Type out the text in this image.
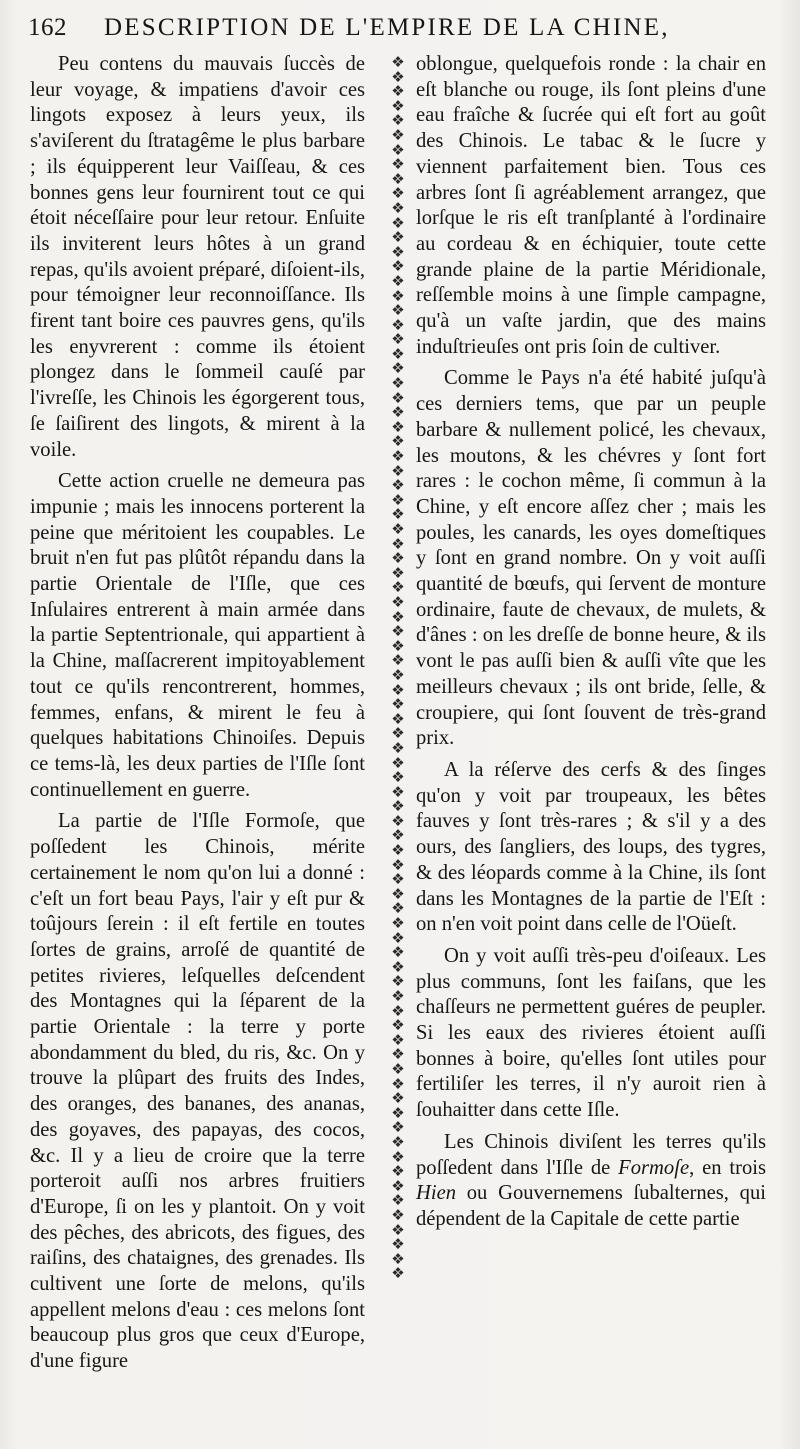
162 DESCRIPTION DE L'EMPIRE DE LA CHINE,

Peu contens du mauvais ſuccès de leur voyage, & impatiens d'avoir ces lingots exposez à leurs yeux, ils s'aviſerent du ſtratagême le plus barbare ; ils équipperent leur Vaiſſeau, & ces bonnes gens leur fournirent tout ce qui étoit néceſſaire pour leur retour. Enſuite ils inviterent leurs hôtes à un grand repas, qu'ils avoient préparé, diſoient-ils, pour témoigner leur reconnoiſſance. Ils firent tant boire ces pauvres gens, qu'ils les enyvrerent : comme ils étoient plongez dans le ſommeil cauſé par l'ivreſſe, les Chinois les égorgerent tous, ſe ſaiſirent des lingots, & mirent à la voile.

Cette action cruelle ne demeura pas impunie ; mais les innocens porterent la peine que méritoient les coupables. Le bruit n'en fut pas plûtôt répandu dans la partie Orientale de l'Iſle, que ces Inſulaires entrerent à main armée dans la partie Septentrionale, qui appartient à la Chine, maſſacrerent impitoyablement tout ce qu'ils rencontrerent, hommes, femmes, enfans, & mirent le feu à quelques habitations Chinoiſes. Depuis ce tems-là, les deux parties de l'Iſle ſont continuellement en guerre.

La partie de l'Iſle Formoſe, que poſſedent les Chinois, mérite certainement le nom qu'on lui a donné : c'eſt un fort beau Pays, l'air y eſt pur & toûjours ſerein : il eſt fertile en toutes ſortes de grains, arroſé de quantité de petites rivieres, leſquelles deſcendent des Montagnes qui la ſéparent de la partie Orientale : la terre y porte abondamment du bled, du ris, &c. On y trouve la plûpart des fruits des Indes, des oranges, des bananes, des ananas, des goyaves, des papayas, des cocos, &c. Il y a lieu de croire que la terre porteroit auſſi nos arbres fruitiers d'Europe, ſi on les y plantoit. On y voit des pêches, des abricots, des figues, des raiſins, des chataignes, des grenades. Ils cultivent une ſorte de melons, qu'ils appellent melons d'eau : ces melons ſont beaucoup plus gros que ceux d'Europe, d'une figure

❖
❖
❖
❖
❖
❖
❖
❖
❖
❖
❖
❖
❖
❖
❖
❖
❖
❖
❖
❖
❖
❖
❖
❖
❖
❖
❖
❖
❖
❖
❖
❖
❖
❖
❖
❖
❖
❖
❖
❖
❖
❖
❖
❖
❖
❖
❖
❖
❖
❖
❖
❖
❖
❖
❖
❖
❖
❖
❖
❖
❖
❖
❖
❖
❖
❖
❖
❖
❖
❖
❖
❖
❖
❖
❖
❖
❖
❖
❖
❖
❖
❖
❖
❖

oblongue, quelquefois ronde : la chair en eſt blanche ou rouge, ils ſont pleins d'une eau fraîche & ſucrée qui eſt fort au goût des Chinois. Le tabac & le ſucre y viennent parfaitement bien. Tous ces arbres ſont ſi agréablement arrangez, que lorſque le ris eſt tranſplanté à l'ordinaire au cordeau & en échiquier, toute cette grande plaine de la partie Méridionale, reſſemble moins à une ſimple campagne, qu'à un vaſte jardin, que des mains induſtrieuſes ont pris ſoin de cultiver.

Comme le Pays n'a été habité juſqu'à ces derniers tems, que par un peuple barbare & nullement policé, les chevaux, les moutons, & les chévres y ſont fort rares : le cochon même, ſi commun à la Chine, y eſt encore aſſez cher ; mais les poules, les canards, les oyes domeſtiques y ſont en grand nombre. On y voit auſſi quantité de bœufs, qui ſervent de monture ordinaire, faute de chevaux, de mulets, & d'ânes : on les dreſſe de bonne heure, & ils vont le pas auſſi bien & auſſi vîte que les meilleurs chevaux ; ils ont bride, ſelle, & croupiere, qui ſont ſouvent de très-grand prix.

A la réſerve des cerfs & des ſinges qu'on y voit par troupeaux, les bêtes fauves y ſont très-rares ; & s'il y a des ours, des ſangliers, des loups, des tygres, & des léopards comme à la Chine, ils ſont dans les Montagnes de la partie de l'Eſt : on n'en voit point dans celle de l'Oüeſt.

On y voit auſſi très-peu d'oiſeaux. Les plus communs, ſont les faiſans, que les chaſſeurs ne permettent guéres de peupler. Si les eaux des rivieres étoient auſſi bonnes à boire, qu'elles ſont utiles pour fertiliſer les terres, il n'y auroit rien à ſouhaitter dans cette Iſle.

Les Chinois diviſent les terres qu'ils poſſedent dans l'Iſle de Formoſe, en trois Hien ou Gouvernemens ſubalternes, qui dépendent de la Capitale de cette partie
